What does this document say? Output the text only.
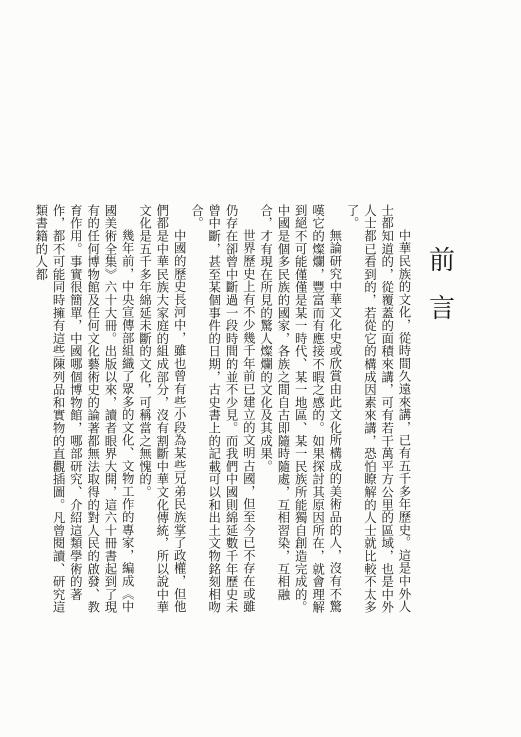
前
言

中華民族的文化，從時間久遠來講，已有五千多年歷史。這是中外人士都知道的，從覆蓋的面積來講，可有若干萬平方公里的區域，也是中外人士都已看到的，若從它的構成因素來講，恐怕瞭解的人士就比較不太多了。

無論研究中華文化史或欣賞由此文化所構成的美術品的人，沒有不驚嘆它的燦爛，豐富而有應接不暇之感的。如果探討其原因所在，就會理解到絕不可能僅僅是某一時代、某一地區、某一民族所能獨自創造完成的。中國是個多民族的國家，各族之間自古即隨時隨處，互相習染，互相融合，才有現在所見的驚人燦爛的文化及其成果。

世界歷史上有不少幾千年前已建立的文明古國，但至今已不存在或雖仍存在卻曾中斷過一段時間的並不少見。而我們中國則綿延數千年歷史未曾中斷，甚至某個事件的日期，古史書上的記載可以和出土文物銘刻相吻合。

中國的歷史長河中，雖也曾有些小段為某些兄弟民族掌了政權，但他們都是中華民族大家庭的組成部分，沒有割斷中華文化傳統，所以說中華文化是五千多年綿延未斷的文化，可稱當之無愧的。

幾年前，中央宣傳部組織了眾多的文化、文物工作的專家，編成《中國美術全集》六十大冊。出版以來，讀者眼界大開，這六十冊書起到了現有的任何博物館及任何文化藝術史的論著都無法取得的對人民的啟發、教育作用。事實很簡單，中國哪個博物館，哪部研究、介紹這類學術的著作，都不可能同時擁有這些陳列品和實物的直觀插圖。凡曾閱讀、研究這類書籍的人都
